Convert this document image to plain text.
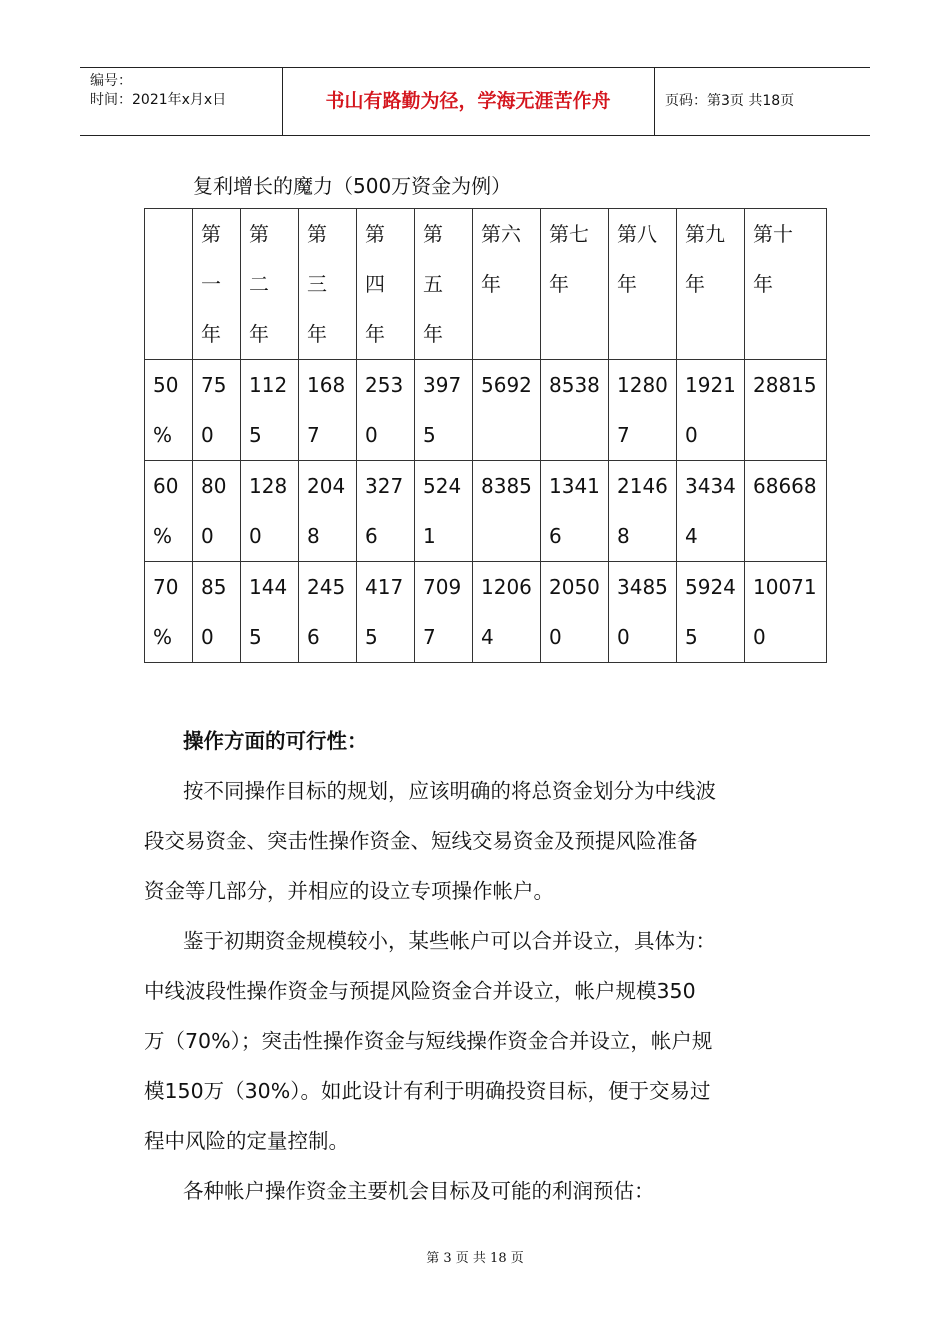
编号：
时间：2021年x月x日	书山有路勤为径，学海无涯苦作舟	页码：第3页 共18页
复利增长的魔力（500万资金为例）

	第
一
年	第
二
年	第
三
年	第
四
年	第
五
年	第六
年	第七
年	第八
年	第九
年	第十
年

50
%	75
0	112
5	168
7	253
0	397
5	5692	8538	1280
7	1921
0	28815

60
%	80
0	128
0	204
8	327
6	524
1	8385	1341
6	2146
8	3434
4	68668

70
%	85
0	144
5	245
6	417
5	709
7	1206
4	2050
0	3485
0	5924
5	10071
0
操作方面的可行性：
按不同操作目标的规划，应该明确的将总资金划分为中线波
段交易资金、突击性操作资金、短线交易资金及预提风险准备
资金等几部分，并相应的设立专项操作帐户。
鉴于初期资金规模较小，某些帐户可以合并设立，具体为：
中线波段性操作资金与预提风险资金合并设立，帐户规模350
万（70%）；突击性操作资金与短线操作资金合并设立，帐户规
模150万（30%）。如此设计有利于明确投资目标，便于交易过
程中风险的定量控制。
各种帐户操作资金主要机会目标及可能的利润预估：
第 3 页 共 18 页
